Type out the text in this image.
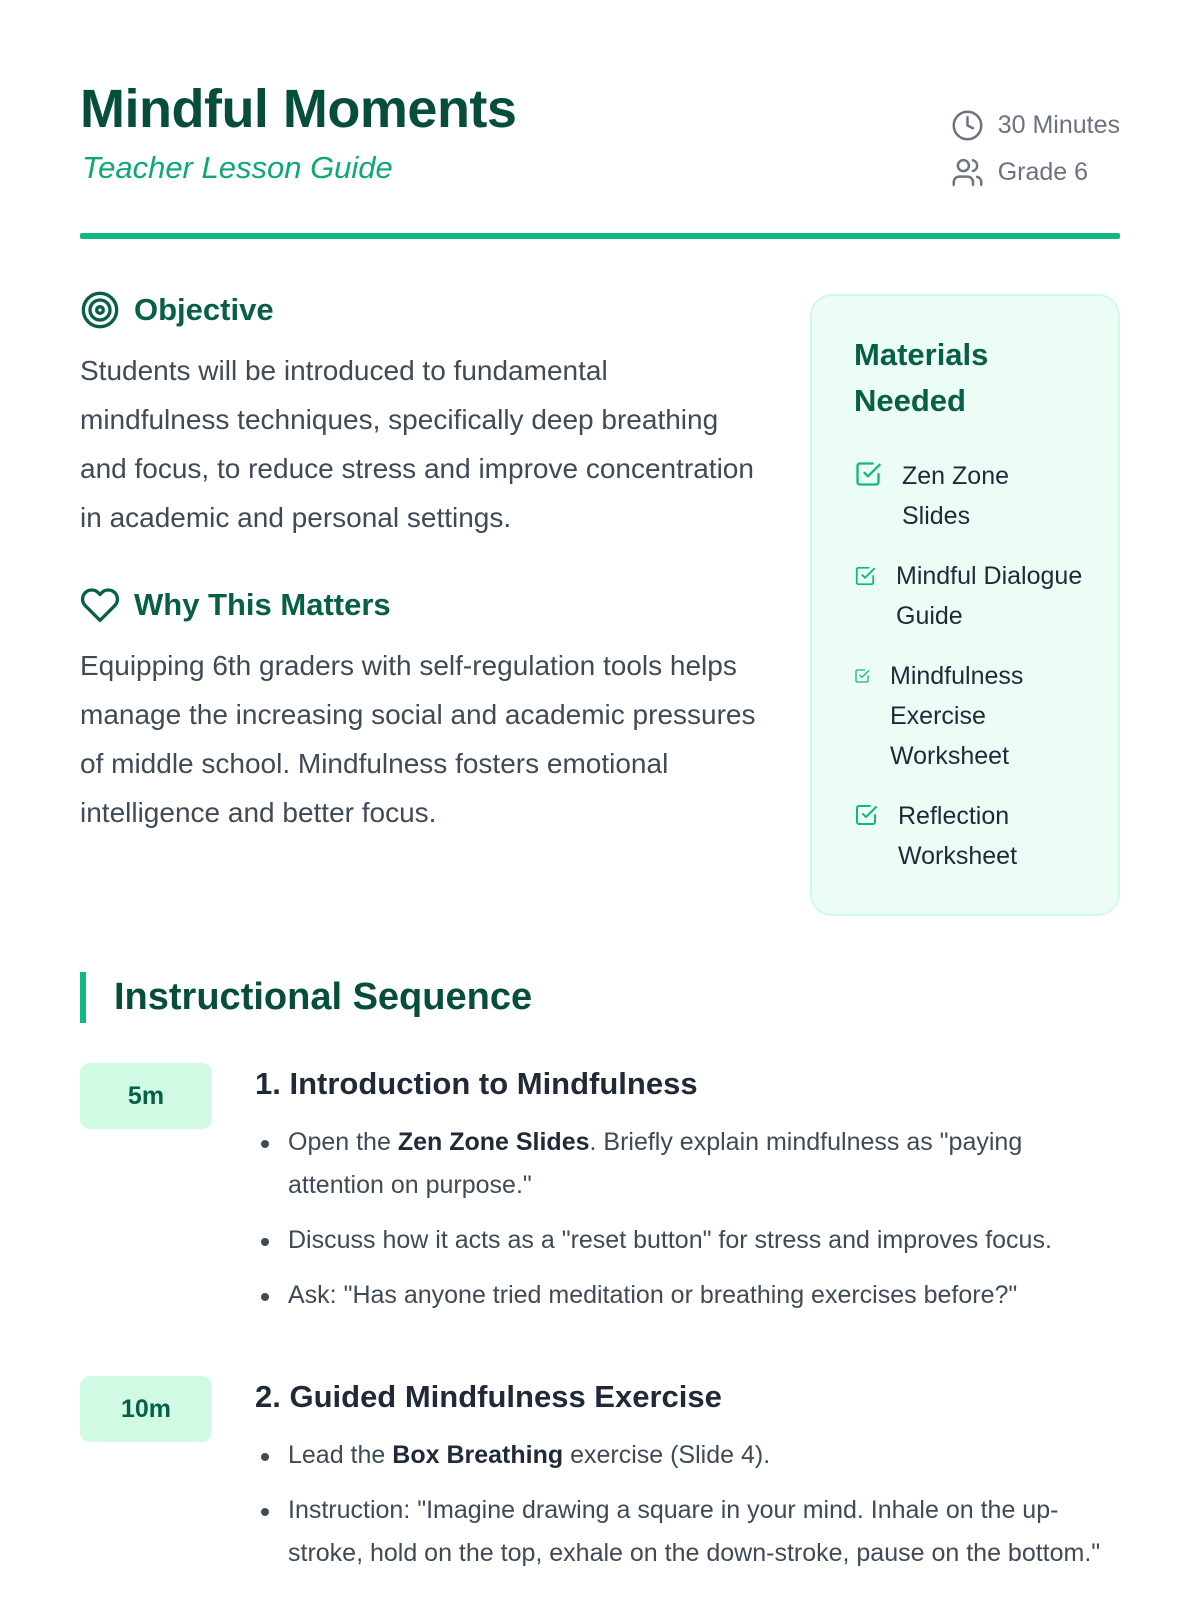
Mindful Moments
Teacher Lesson Guide
30 Minutes
Grade 6
Objective

Students will be introduced to fundamental mindfulness techniques, specifically deep breathing and focus, to reduce stress and improve concentration in academic and personal settings.

Why This Matters

Equipping 6th graders with self-regulation tools helps manage the increasing social and academic pressures of middle school. Mindfulness fosters emotional intelligence and better focus.

Materials Needed
Zen Zone Slides
Mindful Dialogue Guide
Mindfulness Exercise Worksheet
Reflection Worksheet
Instructional Sequence
5m	1. Introduction to Mindfulness
Open the Zen Zone Slides. Briefly explain mindfulness as "paying attention on purpose."
Discuss how it acts as a "reset button" for stress and improves focus.
Ask: "Has anyone tried meditation or breathing exercises before?"
10m	2. Guided Mindfulness Exercise
Lead the Box Breathing exercise (Slide 4).
Instruction: "Imagine drawing a square in your mind. Inhale on the up-stroke, hold on the top, exhale on the down-stroke, pause on the bottom."
